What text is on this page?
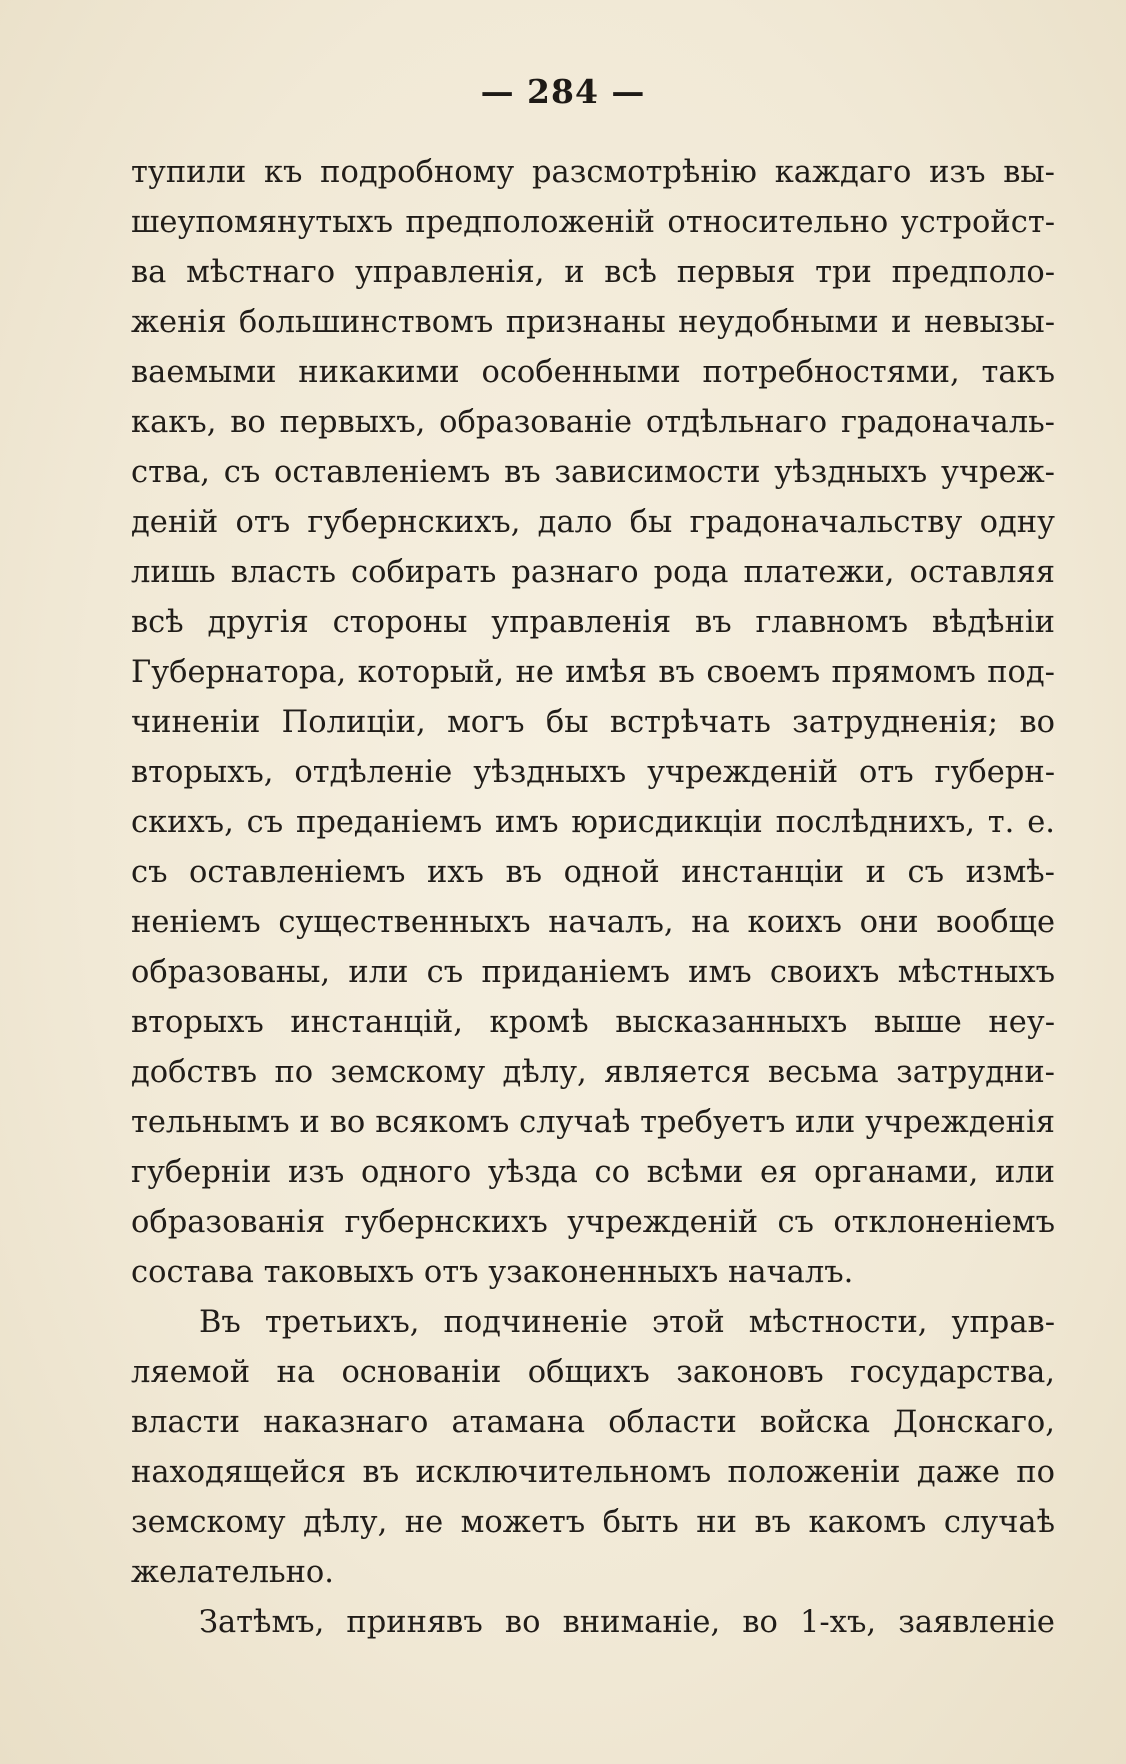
— 284 —
тупили къ подробному разсмотрѣнію каждаго изъ вы-
шеупомянутыхъ предположеній относительно устройст-
ва мѣстнаго управленія, и всѣ первыя три предполо-
женія большинствомъ признаны неудобными и невызы-
ваемыми никакими особенными потребностями, такъ
какъ, во первыхъ, образованіе отдѣльнаго градоначаль-
ства, съ оставленіемъ въ зависимости уѣздныхъ учреж-
деній отъ губернскихъ, дало бы градоначальству одну
лишь власть собирать разнаго рода платежи, оставляя
всѣ другія стороны управленія въ главномъ вѣдѣніи
Губернатора, который, не имѣя въ своемъ прямомъ под-
чиненіи Полиціи, могъ бы встрѣчать затрудненія; во
вторыхъ, отдѣленіе уѣздныхъ учрежденій отъ губерн-
скихъ, съ преданіемъ имъ юрисдикціи послѣднихъ, т. е.
съ оставленіемъ ихъ въ одной инстанціи и съ измѣ-
неніемъ существенныхъ началъ, на коихъ они вообще
образованы, или съ приданіемъ имъ своихъ мѣстныхъ
вторыхъ инстанцій, кромѣ высказанныхъ выше неу-
добствъ по земскому дѣлу, является весьма затрудни-
тельнымъ и во всякомъ случаѣ требуетъ или учрежденія
губерніи изъ одного уѣзда со всѣми ея органами, или
образованія губернскихъ учрежденій съ отклоненіемъ
состава таковыхъ отъ узаконенныхъ началъ.
Въ третьихъ, подчиненіе этой мѣстности, управ-
ляемой на основаніи общихъ законовъ государства,
власти наказнаго атамана области войска Донскаго,
находящейся въ исключительномъ положеніи даже по
земскому дѣлу, не можетъ быть ни въ какомъ случаѣ
желательно.
Затѣмъ, принявъ во вниманіе, во 1-хъ, заявленіе
